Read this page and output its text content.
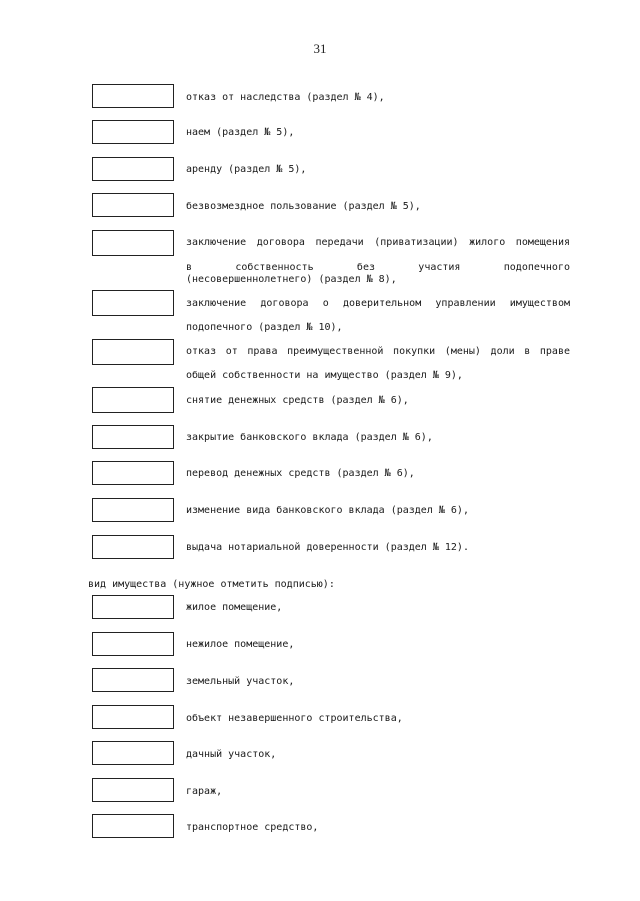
31
отказ от наследства (раздел № 4),
наем (раздел № 5),
аренду (раздел № 5),
безвозмездное пользование (раздел № 5),
заключение договора передачи (приватизации) жилого помещения
в собственность без участия подопечного
(несовершеннолетнего) (раздел № 8),
заключение договора о доверительном управлении имуществом
подопечного (раздел № 10),
отказ от права преимущественной покупки (мены) доли в праве
общей собственности на имущество (раздел № 9),
снятие денежных средств (раздел № 6),
закрытие банковского вклада (раздел № 6),
перевод денежных средств (раздел № 6),
изменение вида банковского вклада (раздел № 6),
выдача нотариальной доверенности (раздел № 12).
вид имущества (нужное отметить подписью):
жилое помещение,
нежилое помещение,
земельный участок,
объект незавершенного строительства,
дачный участок,
гараж,
транспортное средство,
